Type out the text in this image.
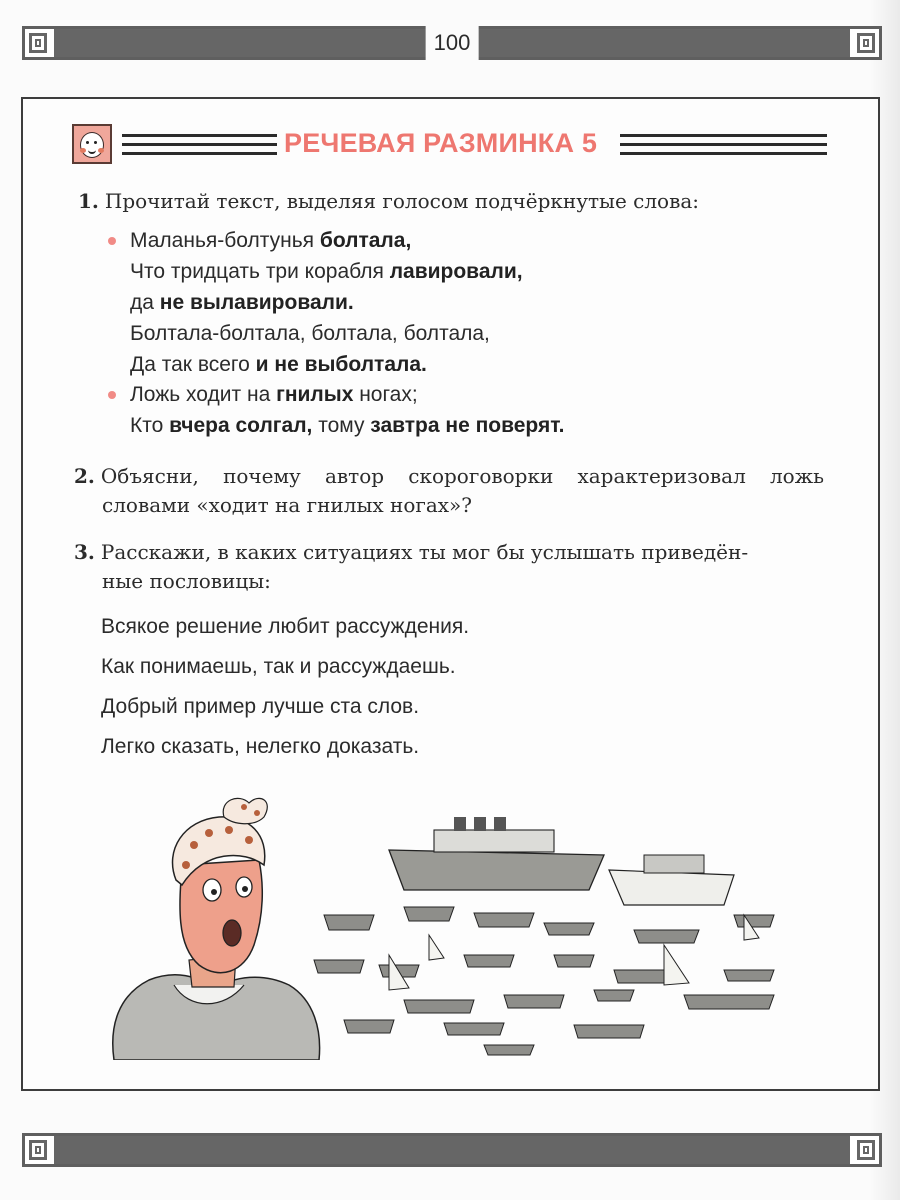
100
РЕЧЕВАЯ РАЗМИНКА 5
1. Прочитай текст, выделяя голосом подчёркнутые слова:
Маланья-болтунья болтала,
Что тридцать три корабля лавировали,
да не вылавировали.
Болтала-болтала, болтала, болтала,
Да так всего и не выболтала.
Ложь ходит на гнилых ногах;
Кто вчера солгал, тому завтра не поверят.
2. Объясни, почему автор скороговорки характеризовал ложь
словами «ходит на гнилых ногах»?
3. Расскажи, в каких ситуациях ты мог бы услышать приведён-
ные пословицы:
Всякое решение любит рассуждения.
Как понимаешь, так и рассуждаешь.
Добрый пример лучше ста слов.
Легко сказать, нелегко доказать.
